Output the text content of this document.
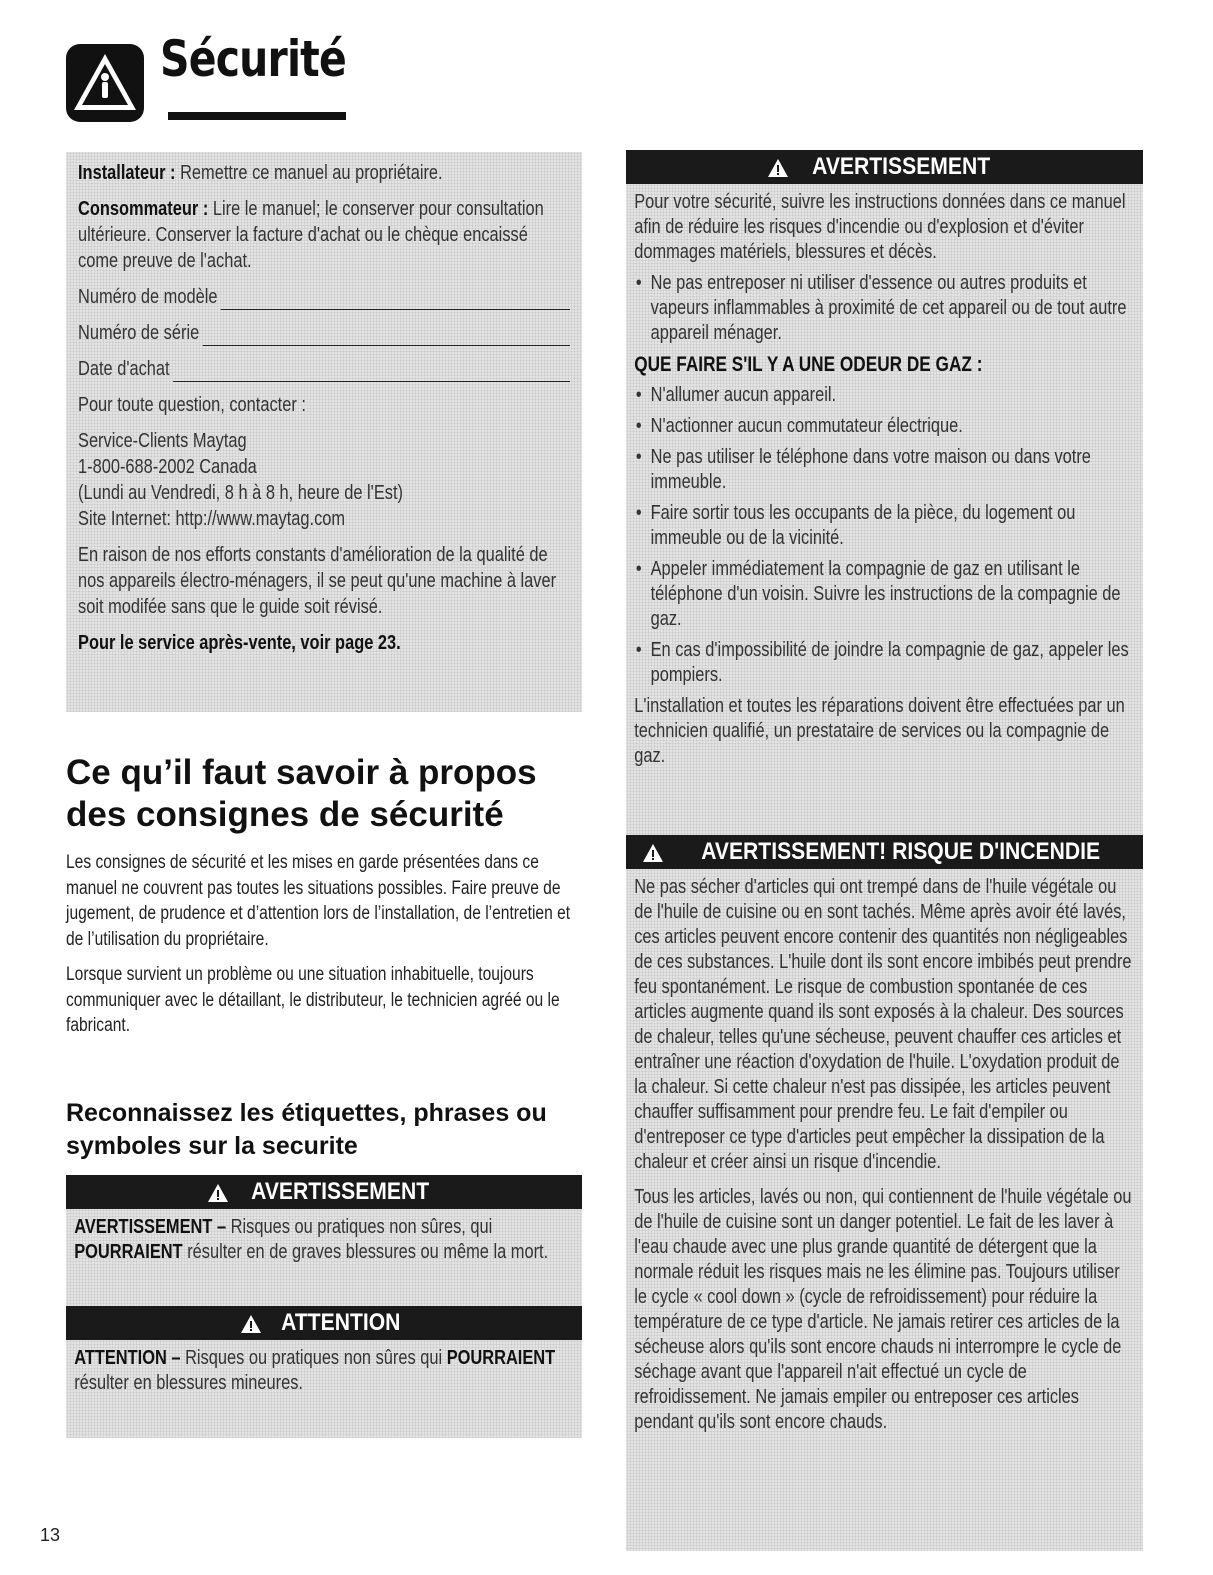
Sécurité

Installateur : Remettre ce manuel au propriétaire.

Consommateur : Lire le manuel; le conserver pour consultation ultérieure. Conserver la facture d'achat ou le chèque encaissé come preuve de l'achat.

Numéro de modèle
Numéro de série
Date d'achat

Pour toute question, contacter :

Service-Clients Maytag
1-800-688-2002 Canada
(Lundi au Vendredi, 8 h à 8 h, heure de l'Est)
Site Internet: http://www.maytag.com

En raison de nos efforts constants d'amélioration de la qualité de nos appareils électro-ménagers, il se peut qu'une machine à laver soit modifée sans que le guide soit révisé.

Pour le service après-vente, voir page 23.

Ce qu’il faut savoir à propos des consignes de sécurité

Les consignes de sécurité et les mises en garde présentées dans ce manuel ne couvrent pas toutes les situations possibles. Faire preuve de jugement, de prudence et d’attention lors de l’installation, de l’entretien et de l’utilisation du propriétaire.

Lorsque survient un problème ou une situation inhabituelle, toujours communiquer avec le détaillant, le distributeur, le technicien agréé ou le fabricant.

Reconnaissez les étiquettes, phrases ou symboles sur la securite
AVERTISSEMENT

AVERTISSEMENT – Risques ou pratiques non sûres, qui POURRAIENT résulter en de graves blessures ou même la mort.

ATTENTION

ATTENTION – Risques ou pratiques non sûres qui POURRAIENT résulter en blessures mineures.

AVERTISSEMENT

Pour votre sécurité, suivre les instructions données dans ce manuel afin de réduire les risques d'incendie ou d'explosion et d'éviter dommages matériels, blessures et décès.

• Ne pas entreposer ni utiliser d'essence ou autres produits et vapeurs inflammables à proximité de cet appareil ou de tout autre appareil ménager.

QUE FAIRE S'IL Y A UNE ODEUR DE GAZ :

• N'allumer aucun appareil.
• N'actionner aucun commutateur électrique.
• Ne pas utiliser le téléphone dans votre maison ou dans votre immeuble.
• Faire sortir tous les occupants de la pièce, du logement ou immeuble ou de la vicinité.
• Appeler immédiatement la compagnie de gaz en utilisant le téléphone d'un voisin. Suivre les instructions de la compagnie de gaz.
• En cas d'impossibilité de joindre la compagnie de gaz, appeler les pompiers.

L'installation et toutes les réparations doivent être effectuées par un technicien qualifié, un prestataire de services ou la compagnie de gaz.

AVERTISSEMENT! RISQUE D'INCENDIE

Ne pas sécher d'articles qui ont trempé dans de l'huile végétale ou de l'huile de cuisine ou en sont tachés. Même après avoir été lavés, ces articles peuvent encore contenir des quantités non négligeables de ces substances. L'huile dont ils sont encore imbibés peut prendre feu spontanément. Le risque de combustion spontanée de ces articles augmente quand ils sont exposés à la chaleur. Des sources de chaleur, telles qu'une sécheuse, peuvent chauffer ces articles et entraîner une réaction d'oxydation de l'huile. L'oxydation produit de la chaleur. Si cette chaleur n'est pas dissipée, les articles peuvent chauffer suffisamment pour prendre feu. Le fait d'empiler ou d'entreposer ce type d'articles peut empêcher la dissipation de la chaleur et créer ainsi un risque d'incendie.

Tous les articles, lavés ou non, qui contiennent de l'huile végétale ou de l'huile de cuisine sont un danger potentiel. Le fait de les laver à l'eau chaude avec une plus grande quantité de détergent que la normale réduit les risques mais ne les élimine pas. Toujours utiliser le cycle « cool down » (cycle de refroidissement) pour réduire la température de ce type d'article. Ne jamais retirer ces articles de la sécheuse alors qu'ils sont encore chauds ni interrompre le cycle de séchage avant que l'appareil n'ait effectué un cycle de refroidissement. Ne jamais empiler ou entreposer ces articles pendant qu'ils sont encore chauds.

13
